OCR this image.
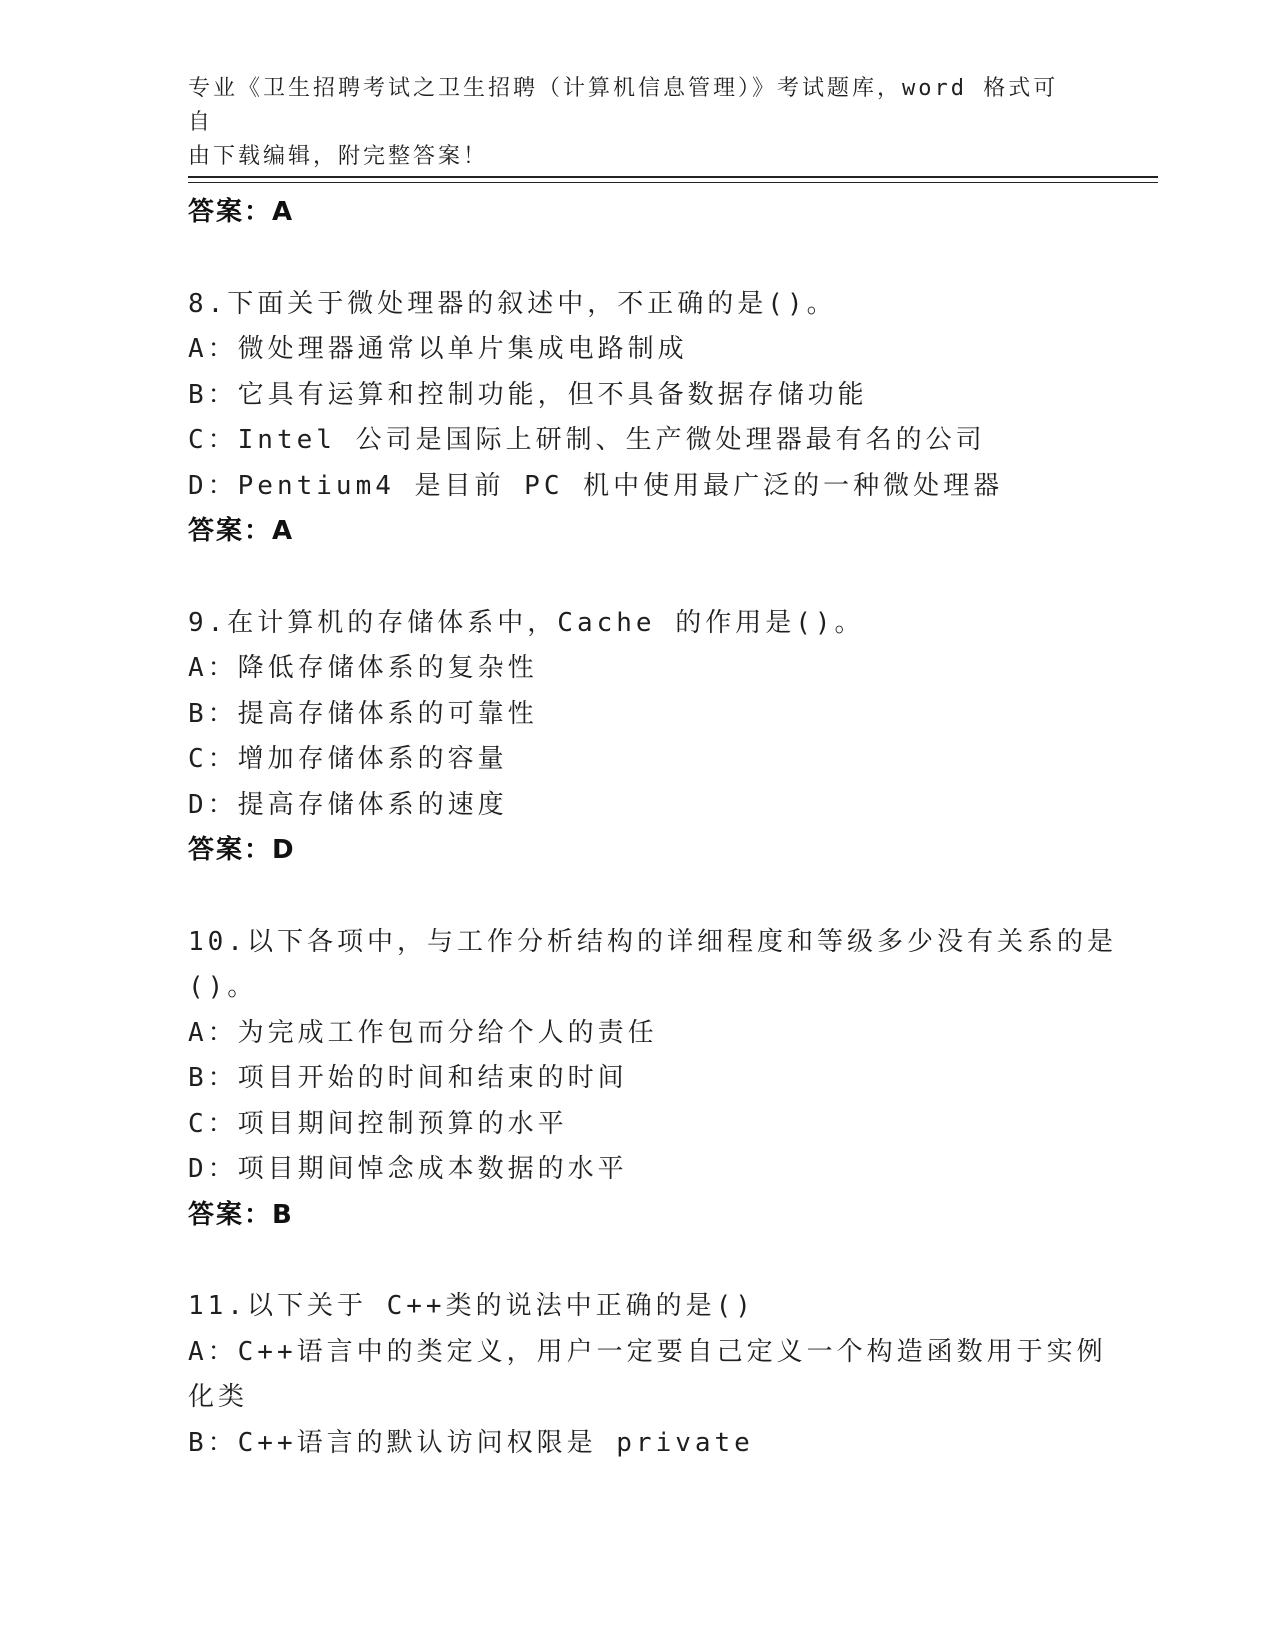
专业《卫生招聘考试之卫生招聘（计算机信息管理）》考试题库，word 格式可自
由下载编辑，附完整答案！
答案：A
8.下面关于微处理器的叙述中，不正确的是()。
A：微处理器通常以单片集成电路制成
B：它具有运算和控制功能，但不具备数据存储功能
C：Intel 公司是国际上研制、生产微处理器最有名的公司
D：Pentium4 是目前 PC 机中使用最广泛的一种微处理器
答案：A
9.在计算机的存储体系中，Cache 的作用是()。
A：降低存储体系的复杂性
B：提高存储体系的可靠性
C：增加存储体系的容量
D：提高存储体系的速度
答案：D
10.以下各项中，与工作分析结构的详细程度和等级多少没有关系的是
()。
A：为完成工作包而分给个人的责任
B：项目开始的时间和结束的时间
C：项目期间控制预算的水平
D：项目期间悼念成本数据的水平
答案：B
11.以下关于 C++类的说法中正确的是()
A：C++语言中的类定义，用户一定要自己定义一个构造函数用于实例
化类
B：C++语言的默认访问权限是 private
